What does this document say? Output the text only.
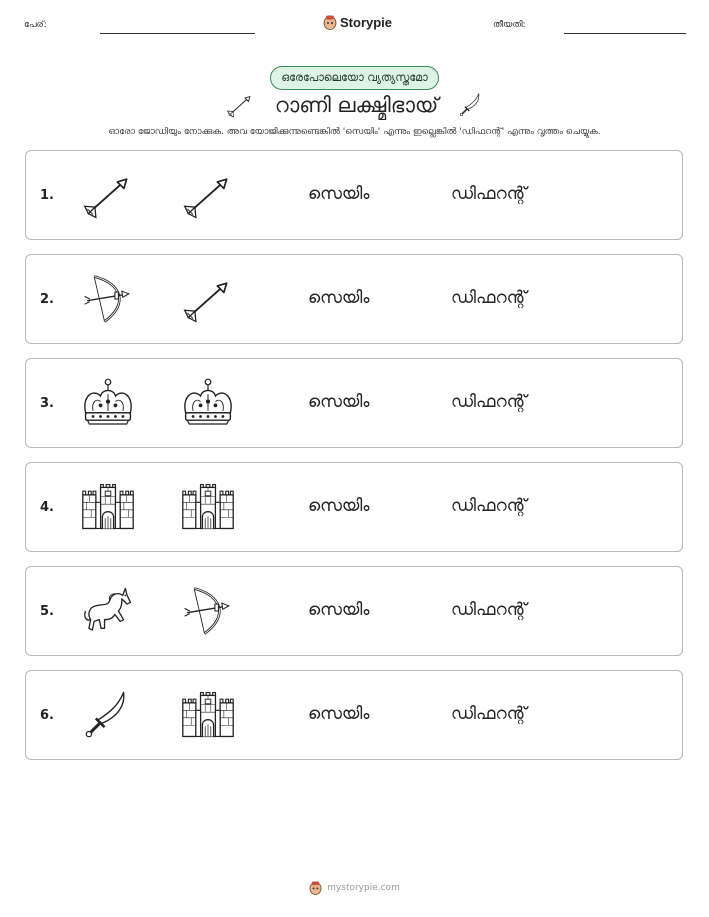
പേര്:	Storypie	തീയതി:
ഒരേപോലെയോ വ്യത്യസ്തമോ
റാണി ലക്ഷ്മിഭായ്
ഓരോ ജോഡിയും നോക്കുക. അവ യോജിക്കുന്നുണ്ടെങ്കിൽ 'സെയിം' എന്നും ഇല്ലെങ്കിൽ 'ഡിഫറന്റ്' എന്നും വൃത്തം ചെയ്യുക.
1.	സെയിം	ഡിഫറന്റ്
2.	സെയിം	ഡിഫറന്റ്
3.	സെയിം	ഡിഫറന്റ്
4.	സെയിം	ഡിഫറന്റ്
5.	സെയിം	ഡിഫറന്റ്
6.	സെയിം	ഡിഫറന്റ്
mystorypie.com
